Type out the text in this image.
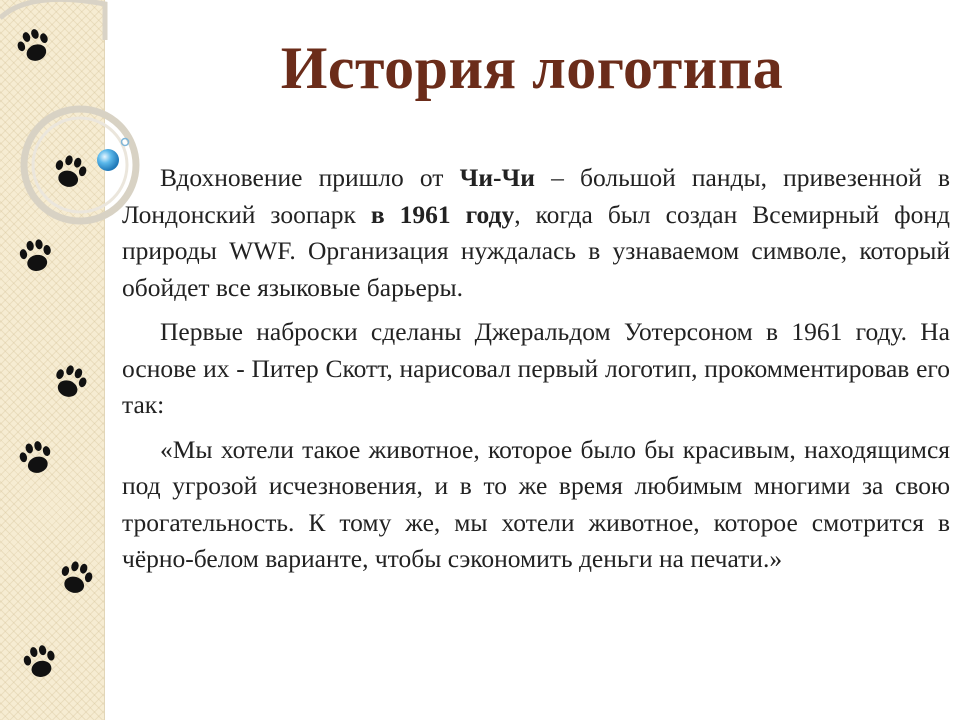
История логотипа

Вдохновение пришло от Чи-Чи – большой панды, привезенной в Лондонский зоопарк в 1961 году, когда был создан Всемирный фонд природы WWF. Организация нуждалась в узнаваемом символе, который обойдет все языковые барьеры.

Первые наброски сделаны Джеральдом Уотерсоном в 1961 году. На основе их - Питер Скотт, нарисовал первый логотип, прокомментировав его так:

«Мы хотели такое животное, которое было бы красивым, находящимся под угрозой исчезновения, и в то же время любимым многими за свою трогательность. К тому же, мы хотели животное, которое смотрится в чёрно-белом варианте, чтобы сэкономить деньги на печати.»
